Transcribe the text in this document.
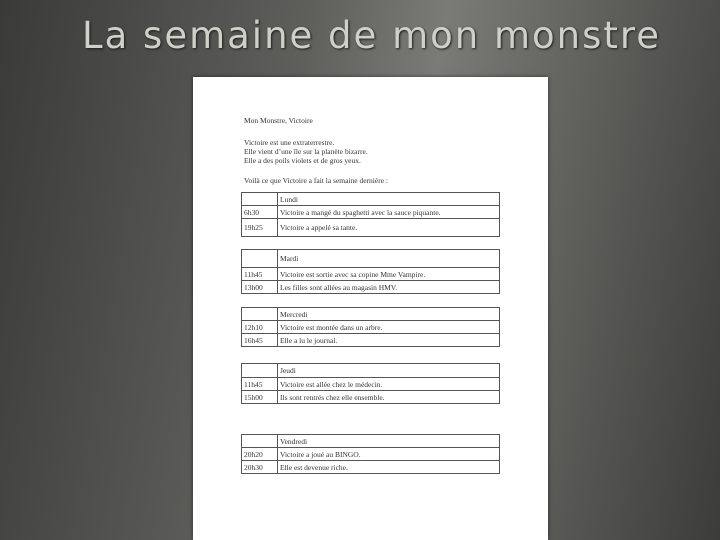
La semaine de mon monstre
Mon Monstre, Victoire
Victoire est une extraterrestre.
Elle vient d’une île sur la planète bizarre.
Elle a des poils violets et de gros yeux.
Voilà ce que Victoire a fait la semaine dernière :
	Lundi
6h30	Victoire a mangé du spaghetti avec la sauce piquante.
19h25	Victoire a appelé sa tante.
	Mardi
11h45	Victoire est sortie avec sa copine Mme Vampire.
13h00	Les filles sont allées au magasin HMV.
	Mercredi
12h10	Victoire est montée dans un arbre.
16h45	Elle a lu le journal.
	Jeudi
11h45	Victoire est allée chez le médecin.
15h00	Ils sont rentrés chez elle ensemble.
	Vendredi
20h20	Victoire a joué au BINGO.
20h30	Elle est devenue riche.
